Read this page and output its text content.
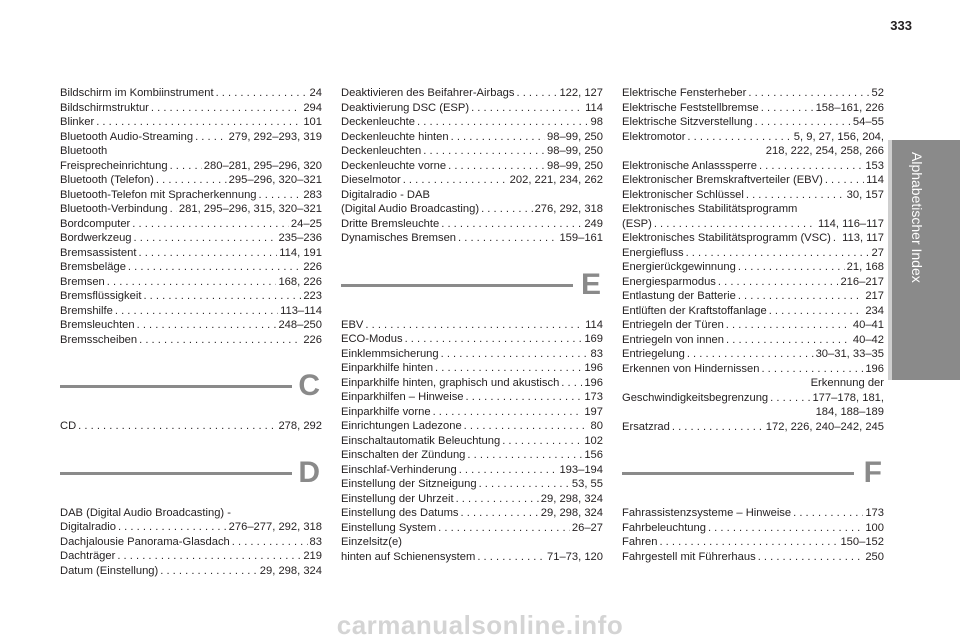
333
Alphabetischer Index
Bildschirm im Kombiinstrument . . .	24
Bildschirmstruktur . . .	294
Blinker . . .	101
Bluetooth Audio-Streaming . . .	279, 292–293, 319
Bluetooth
Freisprecheinrichtung . . .	280–281, 295–296, 320
Bluetooth (Telefon) . . .	295–296, 320–321
Bluetooth-Telefon mit Spracherkennung . . .	283
Bluetooth-Verbindung . . . 281, 295–296, 315, 320–321
Bordcomputer . . .	24–25
Bordwerkzeug . . .	235–236
Bremsassistent . . .	114, 191
Bremsbeläge . . .	226
Bremsen . . .	168, 226
Bremsflüssigkeit . . .	223
Bremshilfe . . .	113–114
Bremsleuchten . . .	248–250
Bremsscheiben . . .	226
C
CD . . .	278, 292
D
DAB (Digital Audio Broadcasting) -
Digitalradio . . .	276–277, 292, 318
Dachjalousie Panorama-Glasdach . . .	83
Dachträger . . .	219
Datum (Einstellung) . . .	29, 298, 324
Deaktivieren des Beifahrer-Airbags . . .	122, 127
Deaktivierung DSC (ESP) . . .	114
Deckenleuchte . . .	98
Deckenleuchte hinten . . .	98–99, 250
Deckenleuchten . . .	98–99, 250
Deckenleuchte vorne . . .	98–99, 250
Dieselmotor . . .	202, 221, 234, 262
Digitalradio - DAB
(Digital Audio Broadcasting) . . .	276, 292, 318
Dritte Bremsleuchte . . .	249
Dynamisches Bremsen . . .	159–161
E
EBV . . .	114
ECO-Modus . . .	169
Einklemmsicherung . . .	83
Einparkhilfe hinten . . .	196
Einparkhilfe hinten, graphisch und akustisch . . . 196
Einparkhilfen – Hinweise . . .	173
Einparkhilfe vorne . . .	197
Einrichtungen Ladezone . . .	80
Einschaltautomatik Beleuchtung . . .	102
Einschalten der Zündung . . .	156
Einschlaf-Verhinderung . . .	193–194
Einstellung der Sitzneigung . . .	53, 55
Einstellung der Uhrzeit . . .	29, 298, 324
Einstellung des Datums . . .	29, 298, 324
Einstellung System . . .	26–27
Einzelsitz(e)
hinten auf Schienensystem . . .	71–73, 120
Elektrische Fensterheber . . .	52
Elektrische Feststellbremse . . .	158–161, 226
Elektrische Sitzverstellung . . .	54–55
Elektromotor . . .	5, 9, 27, 156, 204,
218, 222, 254, 258, 266
Elektronische Anlasssperre . . .	153
Elektronischer Bremskraftverteiler (EBV) . . .	114
Elektronischer Schlüssel . . .	30, 157
Elektronisches Stabilitätsprogramm
(ESP) . . .	114, 116–117
Elektronisches Stabilitätsprogramm (VSC) . . . 113, 117
Energiefluss . . .	27
Energierückgewinnung . . .	21, 168
Energiesparmodus . . .	216–217
Entlastung der Batterie . . .	217
Entlüften der Kraftstoffanlage . . .	234
Entriegeln der Türen . . .	40–41
Entriegeln von innen . . .	40–42
Entriegelung . . .	30–31, 33–35
Erkennen von Hindernissen . . .	196
Erkennung der
Geschwindigkeitsbegrenzung . . .	177–178, 181,
184, 188–189
Ersatzrad . . .	172, 226, 240–242, 245
F
Fahrassistenzsysteme – Hinweise . . .	173
Fahrbeleuchtung . . .	100
Fahren . . .	150–152
Fahrgestell mit Führerhaus . . .	250
carmanualsonline.info
